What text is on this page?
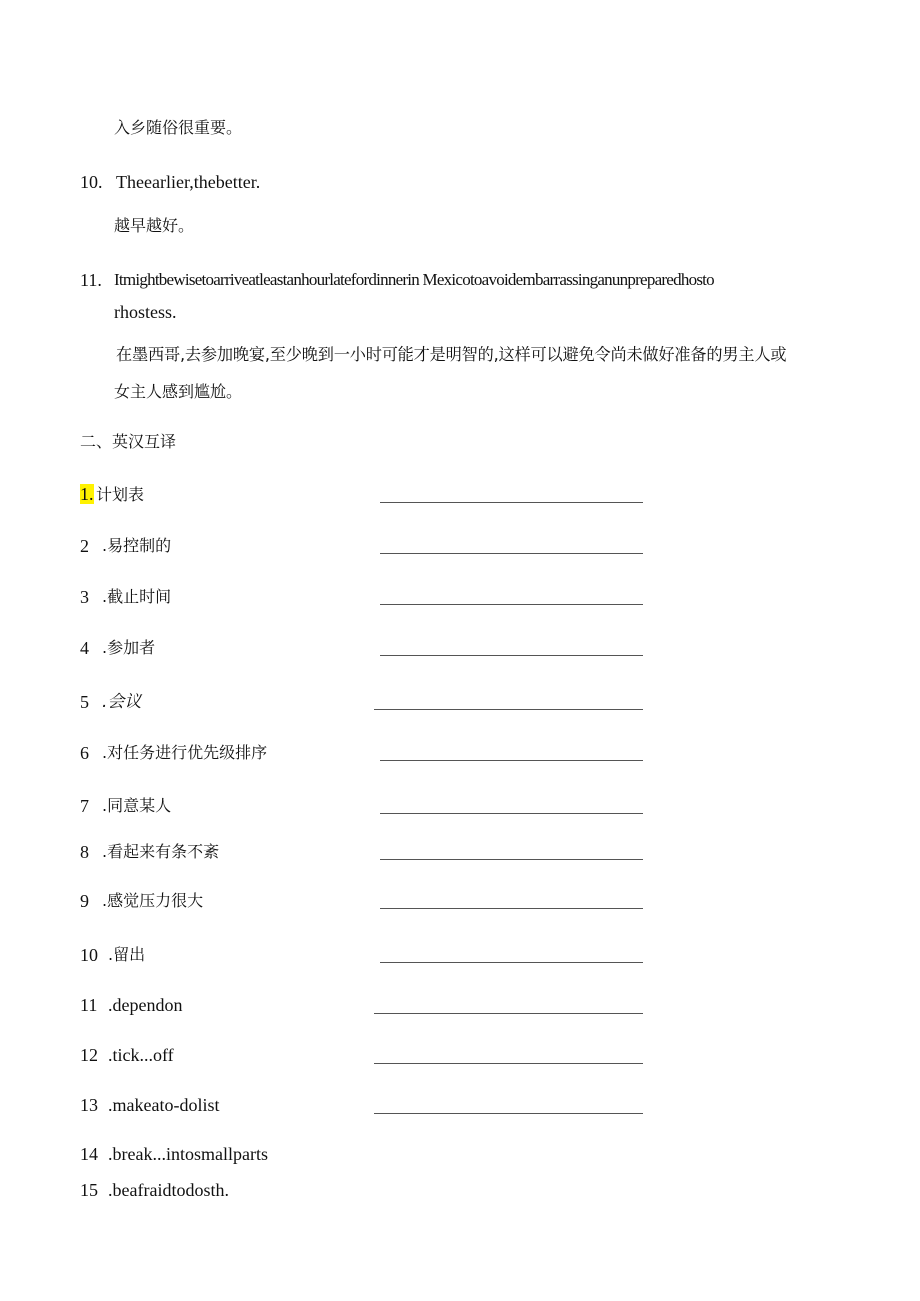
入乡随俗很重要。
10. Theearlier,thebetter.
越早越好。
11. Itmightbewisetoarriveatleastanhourlatefordinnerin Mexicotoavoidembarrassinganunpreparedhosto
rhostess.
在墨西哥,去参加晚宴,至少晚到一小时可能才是明智的,这样可以避免令尚未做好准备的男主人或
女主人感到尴尬。
二、英汉互译
1. 计划表
2 .易控制的
3 .截止时间
4 .参加者
5 .会议
6 .对任务进行优先级排序
7 .同意某人
8 .看起来有条不紊
9 .感觉压力很大
10 .留出
11 .dependon
12 .tick...off
13 .makeato-dolist
14 .break...intosmallparts
15 .beafraidtodosth.
